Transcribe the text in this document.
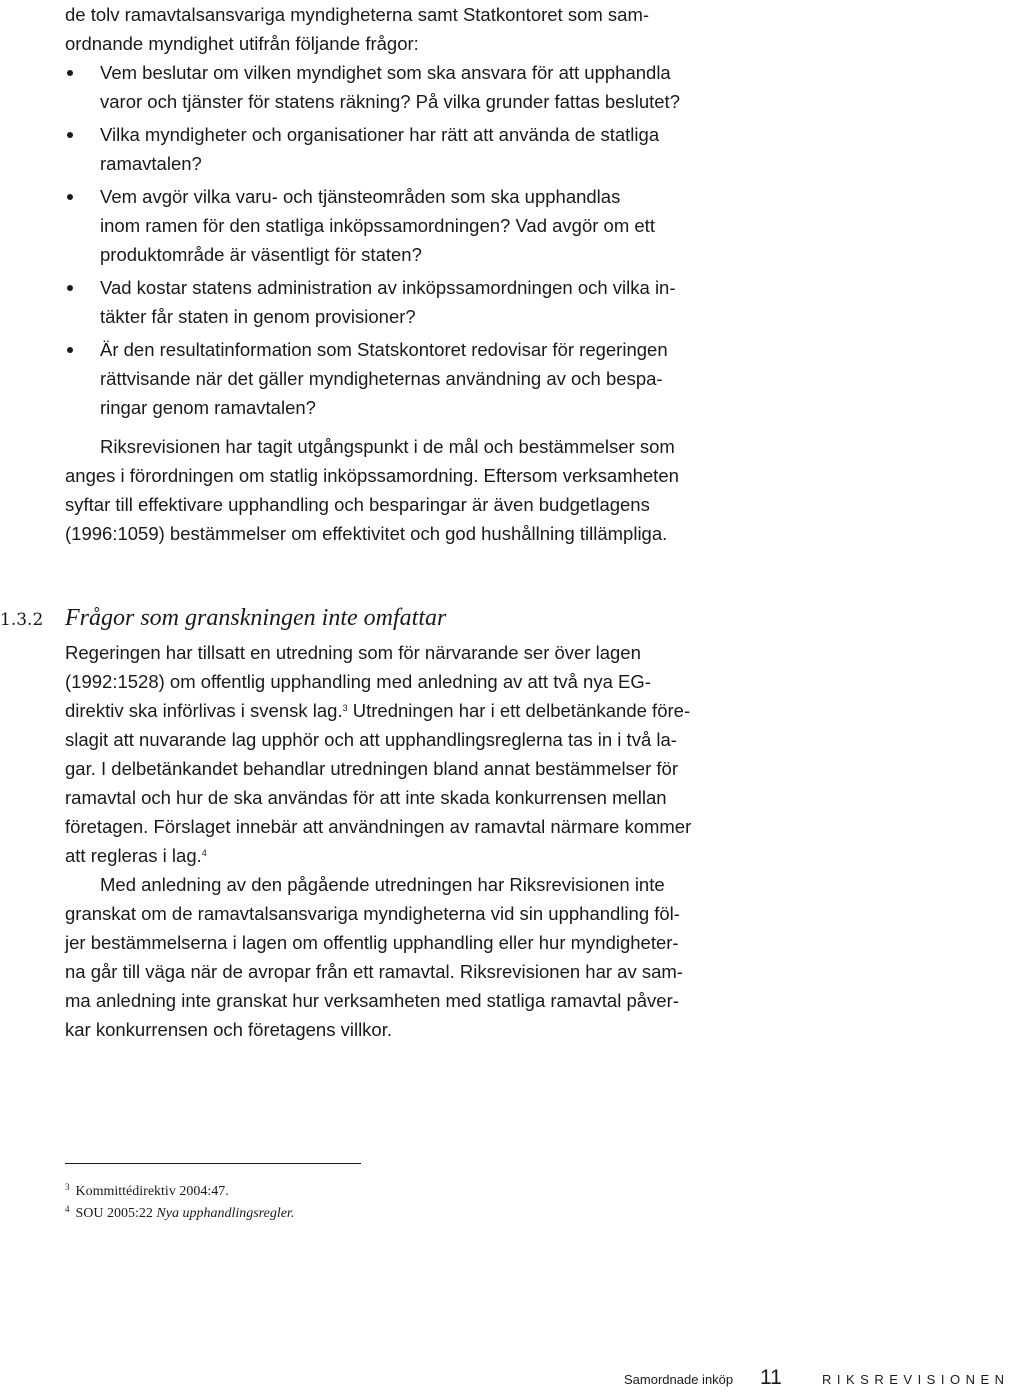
de tolv ramavtalsansvariga myndigheterna samt Statkontoret som sam-
ordnande myndighet utifrån följande frågor:
Vem beslutar om vilken myndighet som ska ansvara för att upphandla
varor och tjänster för statens räkning? På vilka grunder fattas beslutet?
Vilka myndigheter och organisationer har rätt att använda de statliga
ramavtalen?
Vem avgör vilka varu- och tjänsteområden som ska upphandlas
inom ramen för den statliga inköpssamordningen? Vad avgör om ett
produktområde är väsentligt för staten?
Vad kostar statens administration av inköpssamordningen och vilka in-
täkter får staten in genom provisioner?
Är den resultatinformation som Statskontoret redovisar för regeringen
rättvisande när det gäller myndigheternas användning av och bespa-
ringar genom ramavtalen?
Riksrevisionen har tagit utgångspunkt i de mål och bestämmelser som
anges i förordningen om statlig inköpssamordning. Eftersom verksamheten
syftar till effektivare upphandling och besparingar är även budgetlagens
(1996:1059) bestämmelser om effektivitet och god hushållning tillämpliga.
1.3.2 Frågor som granskningen inte omfattar
Regeringen har tillsatt en utredning som för närvarande ser över lagen
(1992:1528) om offentlig upphandling med anledning av att två nya EG-
direktiv ska införlivas i svensk lag.$^3$ Utredningen har i ett delbetänkande före-
slagit att nuvarande lag upphör och att upphandlingsreglerna tas in i två la-
gar. I delbetänkandet behandlar utredningen bland annat bestämmelser för
ramavtal och hur de ska användas för att inte skada konkurrensen mellan
företagen. Förslaget innebär att användningen av ramavtal närmare kommer
att regleras i lag.$^4$
Med anledning av den pågående utredningen har Riksrevisionen inte
granskat om de ramavtalsansvariga myndigheterna vid sin upphandling föl-
jer bestämmelserna i lagen om offentlig upphandling eller hur myndigheter-
na går till väga när de avropar från ett ramavtal. Riksrevisionen har av sam-
ma anledning inte granskat hur verksamheten med statliga ramavtal påver-
kar konkurrensen och företagens villkor.
$^3$ Kommittédirektiv 2004:47.
$^4$ SOU 2005:22 Nya upphandlingsregler.
Samordnade inköp 11	RIKSREVISIONEN
